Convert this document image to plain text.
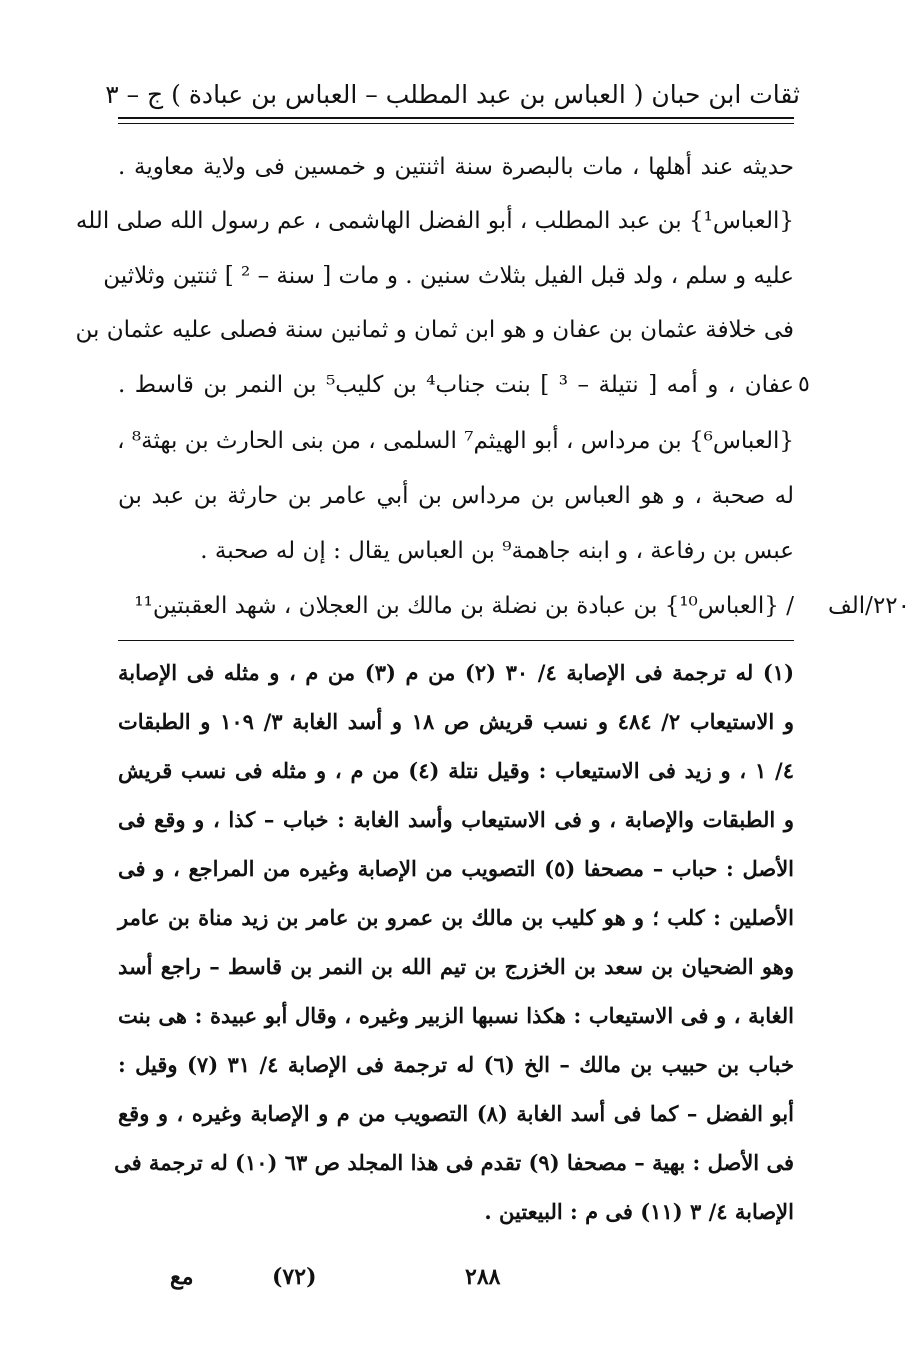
ثقات ابن حبان ( العباس بن عبد المطلب – العباس بن عبادة ) ج – ٣
حديثه عند أهلها ، مات بالبصرة سنة اثنتين و خمسين فى ولاية معاوية .
{العباس¹} بن عبد المطلب ، أبو الفضل الهاشمى ، عم رسول الله صلى الله
عليه و سلم ، ولد قبل الفيل بثلاث سنين . و مات [ سنة – ² ] ثنتين وثلاثين
فى خلافة عثمان بن عفان و هو ابن ثمان و ثمانين سنة فصلى عليه عثمان بن
عفان ، و أمه [ نتيلة – ³ ] بنت جناب⁴ بن كليب⁵ بن النمر بن قاسط . ٥
{العباس⁶} بن مرداس ، أبو الهيثم⁷ السلمى ، من بنى الحارث بن بهثة⁸ ،
له صحبة ، و هو العباس بن مرداس بن أبي عامر بن حارثة بن عبد بن
عبس بن رفاعة ، و ابنه جاهمة⁹ بن العباس يقال : إن له صحبة .
/ {العباس¹⁰} بن عبادة بن نضلة بن مالك بن العجلان ، شهد العقبتين¹¹	٢٢٠/الف
(١) له ترجمة فى الإصابة ٤/ ٣٠ (٢) من م (٣) من م ، و مثله فى الإصابة
و الاستيعاب ٢/ ٤٨٤ و نسب قريش ص ١٨ و أسد الغابة ٣/ ١٠٩ و الطبقات
٤/ ١ ، و زيد فى الاستيعاب : وقيل نتلة (٤) من م ، و مثله فى نسب قريش
و الطبقات والإصابة ، و فى الاستيعاب وأسد الغابة : خباب – كذا ، و وقع فى
الأصل : حباب – مصحفا (٥) التصويب من الإصابة وغيره من المراجع ، و فى
الأصلين : كلب ؛ و هو كليب بن مالك بن عمرو بن عامر بن زيد مناة بن عامر
وهو الضحيان بن سعد بن الخزرج بن تيم الله بن النمر بن قاسط – راجع أسد
الغابة ، و فى الاستيعاب : هكذا نسبها الزبير وغيره ، وقال أبو عبيدة : هى بنت
خباب بن حبيب بن مالك – الخ (٦) له ترجمة فى الإصابة ٤/ ٣١ (٧) وقيل :
أبو الفضل – كما فى أسد الغابة (٨) التصويب من م و الإصابة وغيره ، و وقع
فى الأصل : بهية – مصحفا (٩) تقدم فى هذا المجلد ص ٦٣ (١٠) له ترجمة فى
الإصابة ٤/ ٣ (١١) فى م : البيعتين .
مع	(٧٢)	٢٨٨
